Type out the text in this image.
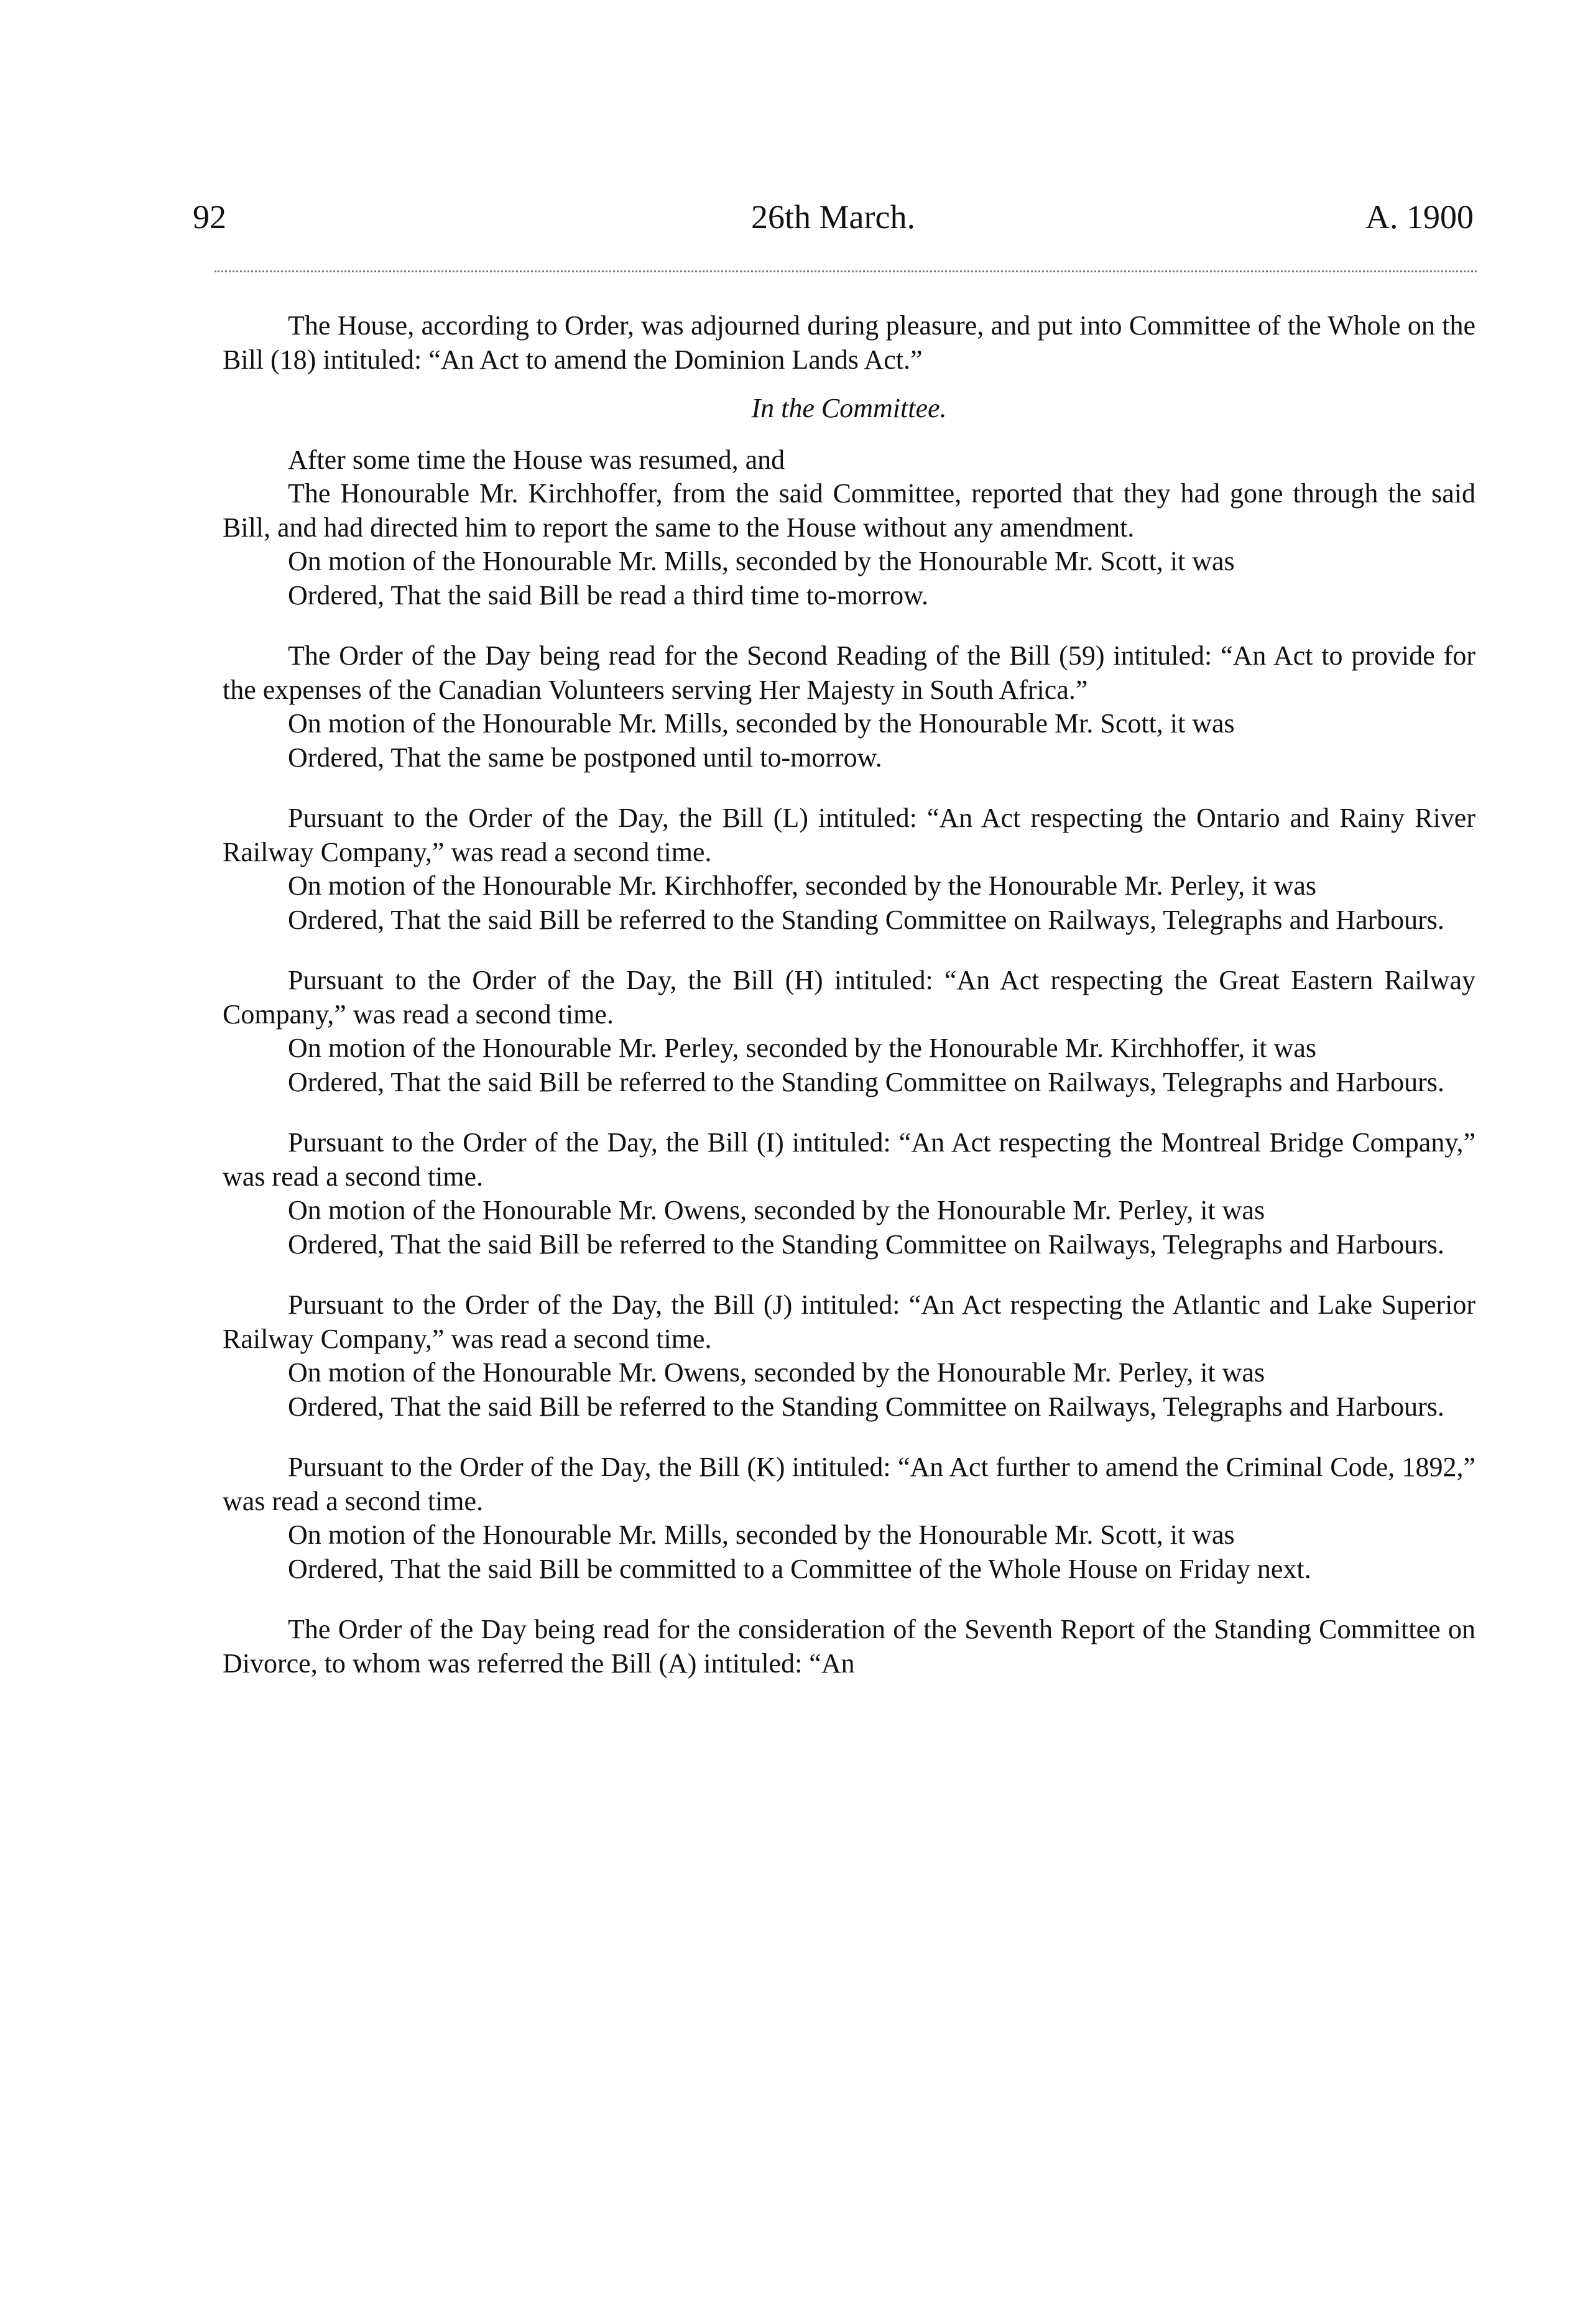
92	26th March.	A. 1900

The House, according to Order, was adjourned during pleasure, and put into Committee of the Whole on the Bill (18) intituled: “An Act to amend the Dominion Lands Act.”

In the Committee.

After some time the House was resumed, and

The Honourable Mr. Kirchhoffer, from the said Committee, reported that they had gone through the said Bill, and had directed him to report the same to the House without any amendment.

On motion of the Honourable Mr. Mills, seconded by the Honourable Mr. Scott, it was

Ordered, That the said Bill be read a third time to-morrow.

The Order of the Day being read for the Second Reading of the Bill (59) intituled: “An Act to provide for the expenses of the Canadian Volunteers serving Her Majesty in South Africa.”

On motion of the Honourable Mr. Mills, seconded by the Honourable Mr. Scott, it was

Ordered, That the same be postponed until to-morrow.

Pursuant to the Order of the Day, the Bill (L) intituled: “An Act respecting the Ontario and Rainy River Railway Company,” was read a second time.

On motion of the Honourable Mr. Kirchhoffer, seconded by the Honourable Mr. Perley, it was

Ordered, That the said Bill be referred to the Standing Committee on Railways, Telegraphs and Harbours.

Pursuant to the Order of the Day, the Bill (H) intituled: “An Act respecting the Great Eastern Railway Company,” was read a second time.

On motion of the Honourable Mr. Perley, seconded by the Honourable Mr. Kirchhoffer, it was

Ordered, That the said Bill be referred to the Standing Committee on Railways, Telegraphs and Harbours.

Pursuant to the Order of the Day, the Bill (I) intituled: “An Act respecting the Montreal Bridge Company,” was read a second time.

On motion of the Honourable Mr. Owens, seconded by the Honourable Mr. Perley, it was

Ordered, That the said Bill be referred to the Standing Committee on Railways, Telegraphs and Harbours.

Pursuant to the Order of the Day, the Bill (J) intituled: “An Act respecting the Atlantic and Lake Superior Railway Company,” was read a second time.

On motion of the Honourable Mr. Owens, seconded by the Honourable Mr. Perley, it was

Ordered, That the said Bill be referred to the Standing Committee on Railways, Telegraphs and Harbours.

Pursuant to the Order of the Day, the Bill (K) intituled: “An Act further to amend the Criminal Code, 1892,” was read a second time.

On motion of the Honourable Mr. Mills, seconded by the Honourable Mr. Scott, it was

Ordered, That the said Bill be committed to a Committee of the Whole House on Friday next.

The Order of the Day being read for the consideration of the Seventh Report of the Standing Committee on Divorce, to whom was referred the Bill (A) intituled: “An
